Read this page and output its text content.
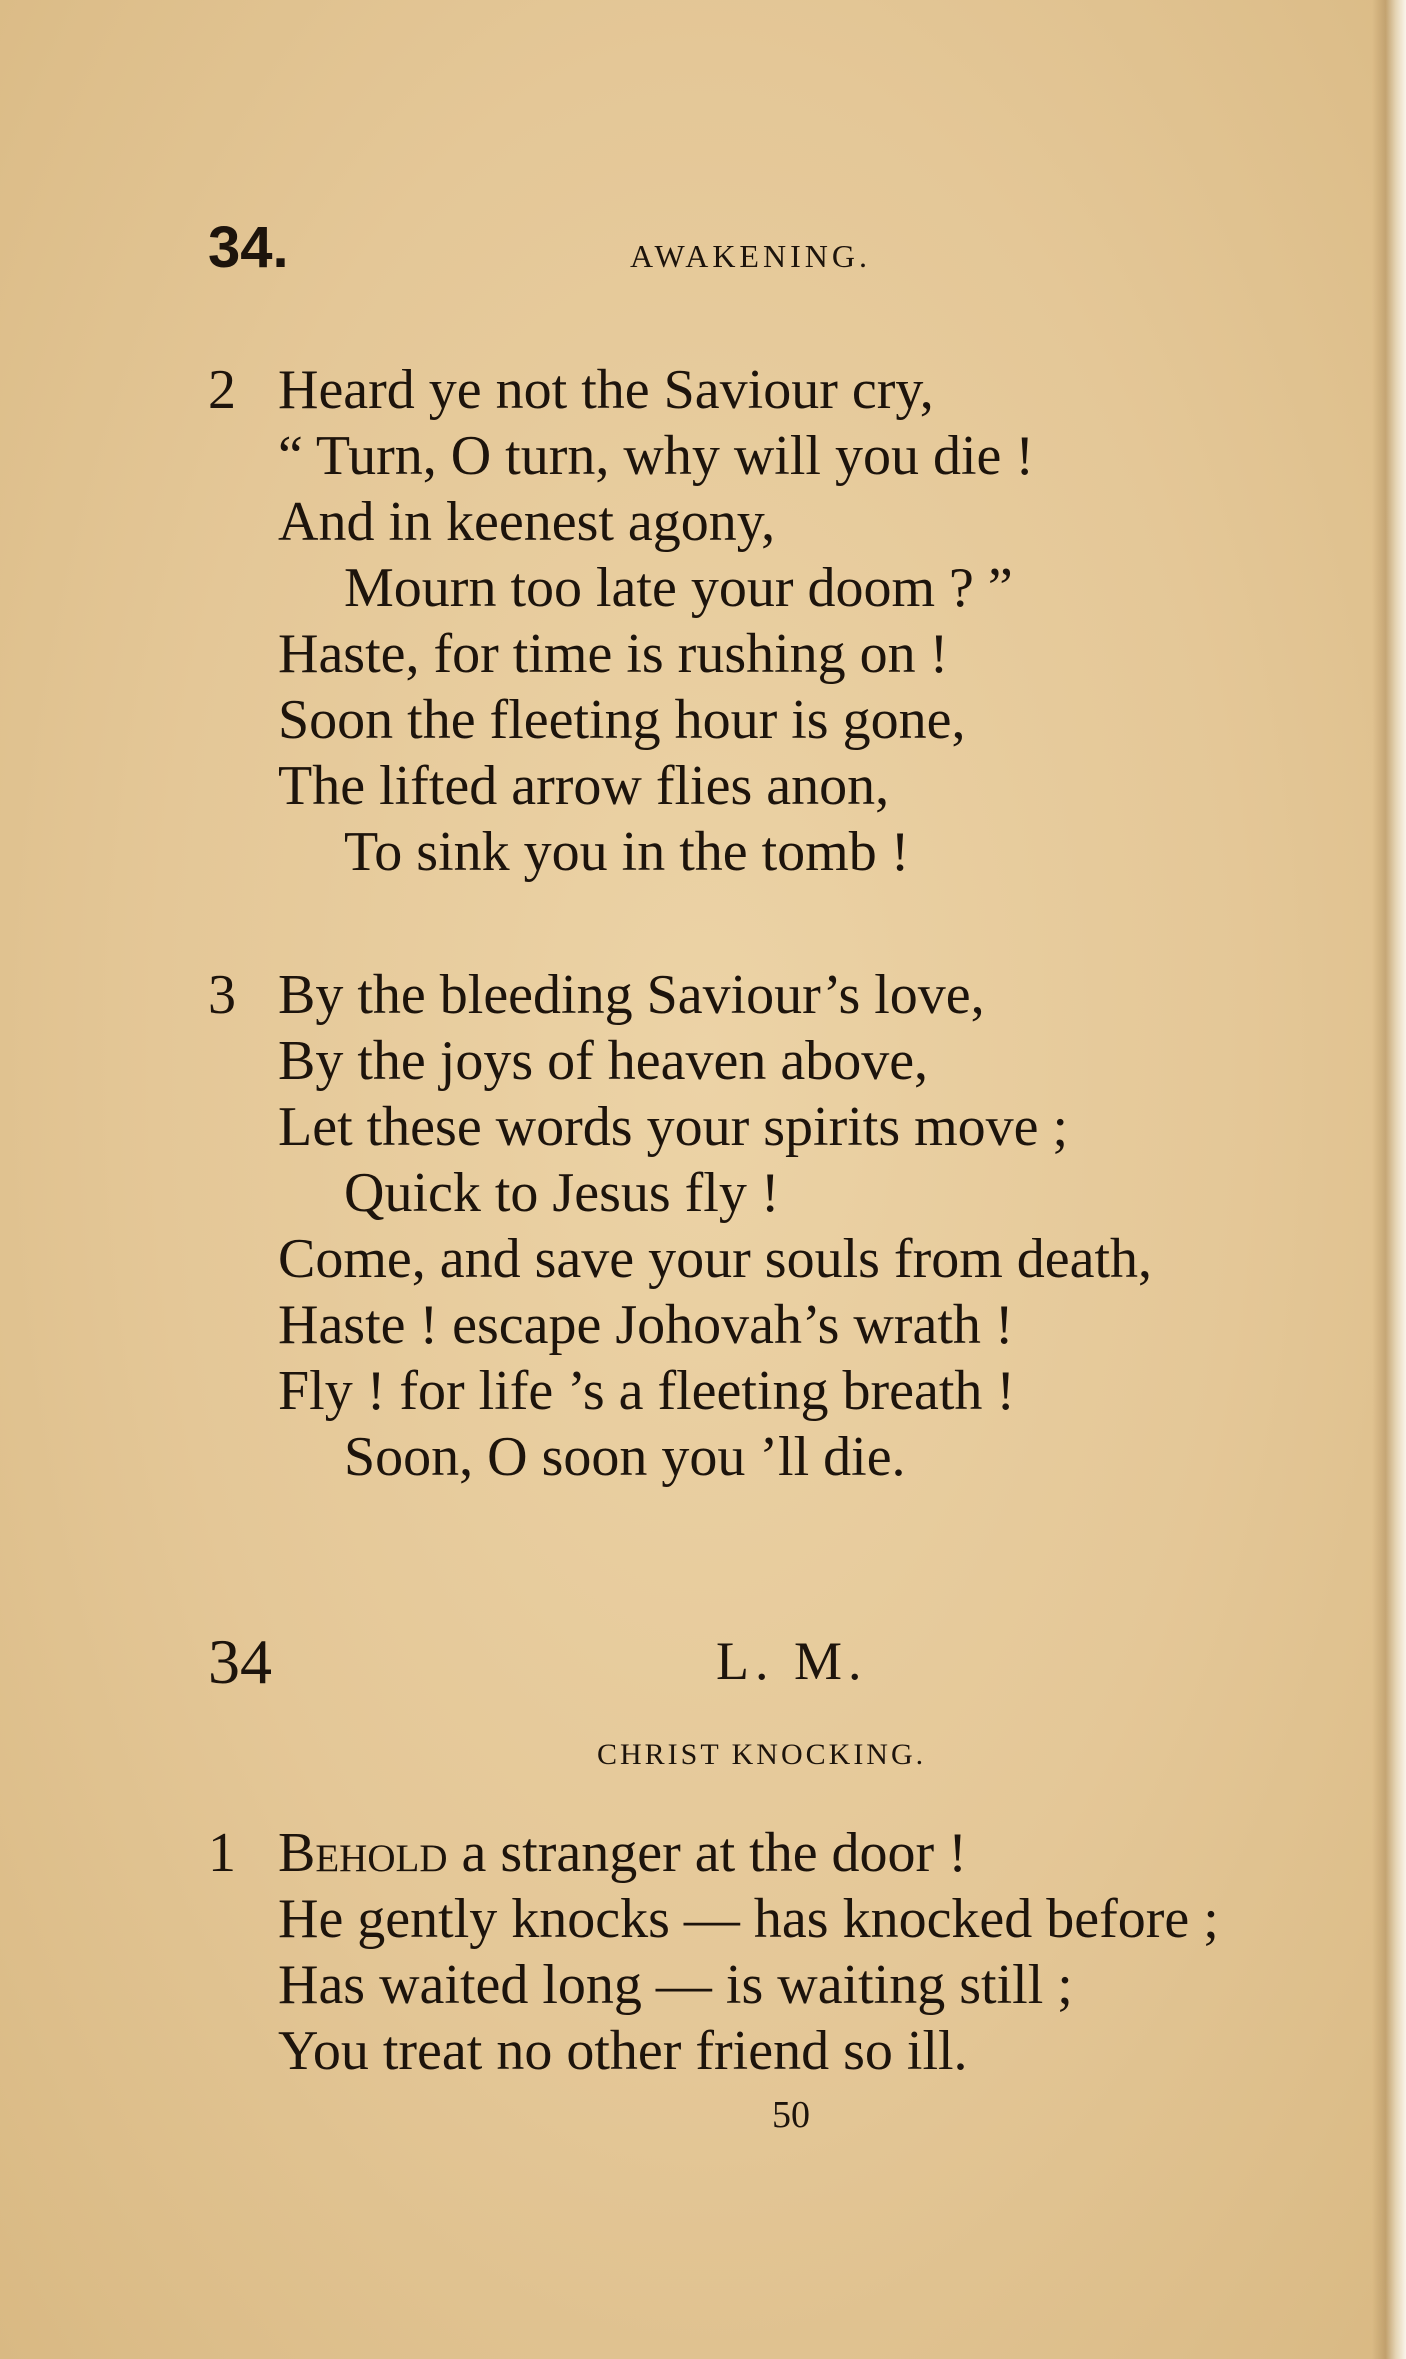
34.	AWAKENING.
2 Heard ye not the Saviour cry,
“ Turn, O turn, why will you die !
And in keenest agony,
Mourn too late your doom ? ”
Haste, for time is rushing on !
Soon the fleeting hour is gone,
The lifted arrow flies anon,
To sink you in the tomb !
3 By the bleeding Saviour’s love,
By the joys of heaven above,
Let these words your spirits move ;
Quick to Jesus fly !
Come, and save your souls from death,
Haste ! escape Johovah’s wrath !
Fly ! for life ’s a fleeting breath !
Soon, O soon you ’ll die.
34	L. M.
CHRIST KNOCKING.
1 Behold a stranger at the door !
He gently knocks — has knocked before ;
Has waited long — is waiting still ;
You treat no other friend so ill.
50
